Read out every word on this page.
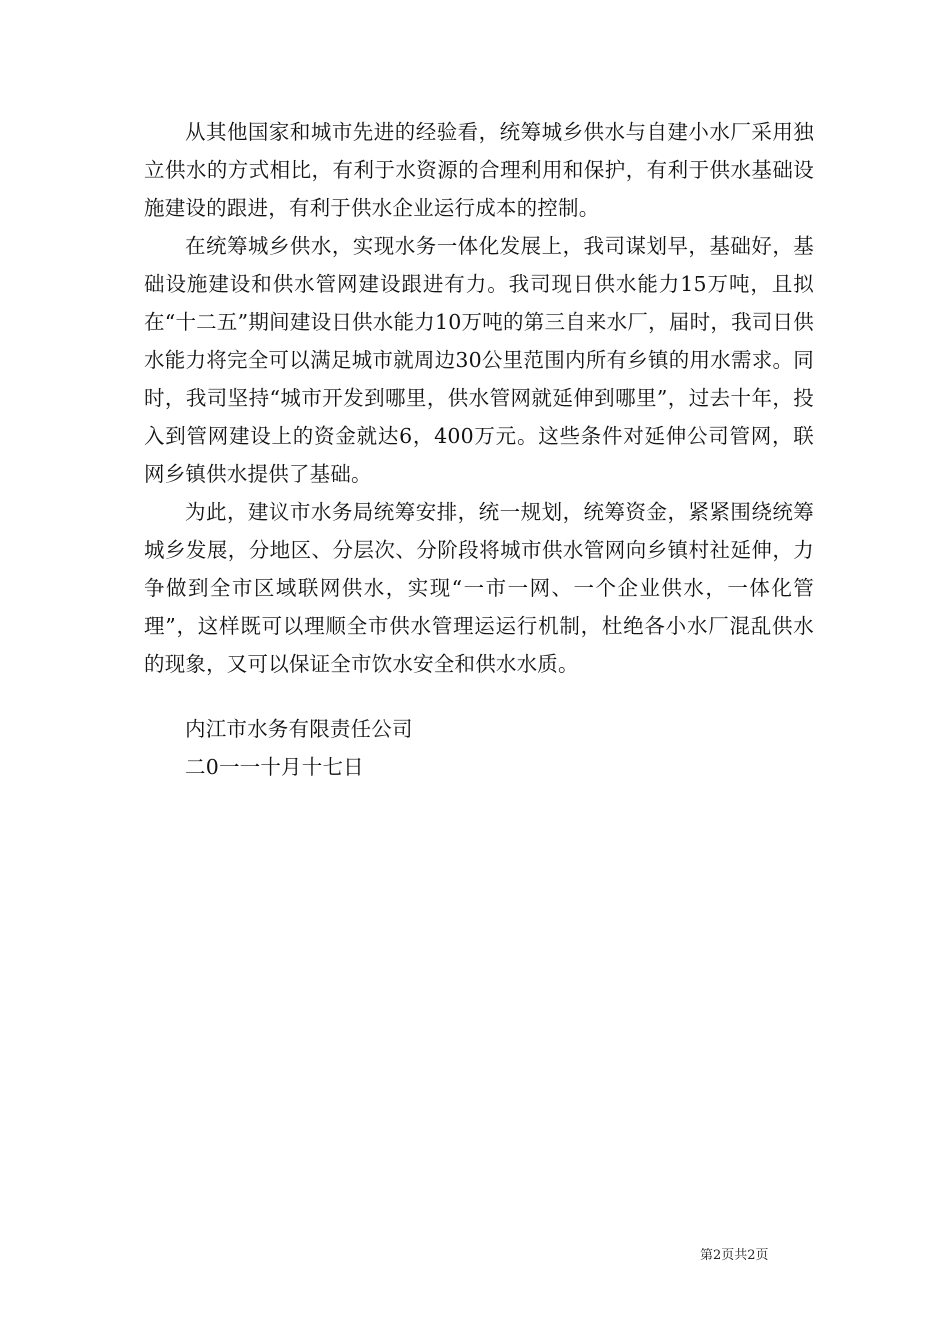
从其他国家和城市先进的经验看，统筹城乡供水与自建小水厂采用独立供水的方式相比，有利于水资源的合理利用和保护，有利于供水基础设施建设的跟进，有利于供水企业运行成本的控制。

在统筹城乡供水，实现水务一体化发展上，我司谋划早，基础好，基础设施建设和供水管网建设跟进有力。我司现日供水能力15万吨，且拟在“十二五”期间建设日供水能力10万吨的第三自来水厂，届时，我司日供水能力将完全可以满足城市就周边30公里范围内所有乡镇的用水需求。同时，我司坚持“城市开发到哪里，供水管网就延伸到哪里”，过去十年，投入到管网建设上的资金就达6，400万元。这些条件对延伸公司管网，联网乡镇供水提供了基础。

为此，建议市水务局统筹安排，统一规划，统筹资金，紧紧围绕统筹城乡发展，分地区、分层次、分阶段将城市供水管网向乡镇村社延伸，力争做到全市区域联网供水，实现“一市一网、一个企业供水，一体化管理”，这样既可以理顺全市供水管理运运行机制，杜绝各小水厂混乱供水的现象，又可以保证全市饮水安全和供水水质。

内江市水务有限责任公司

二0一一十月十七日

第2页共2页
